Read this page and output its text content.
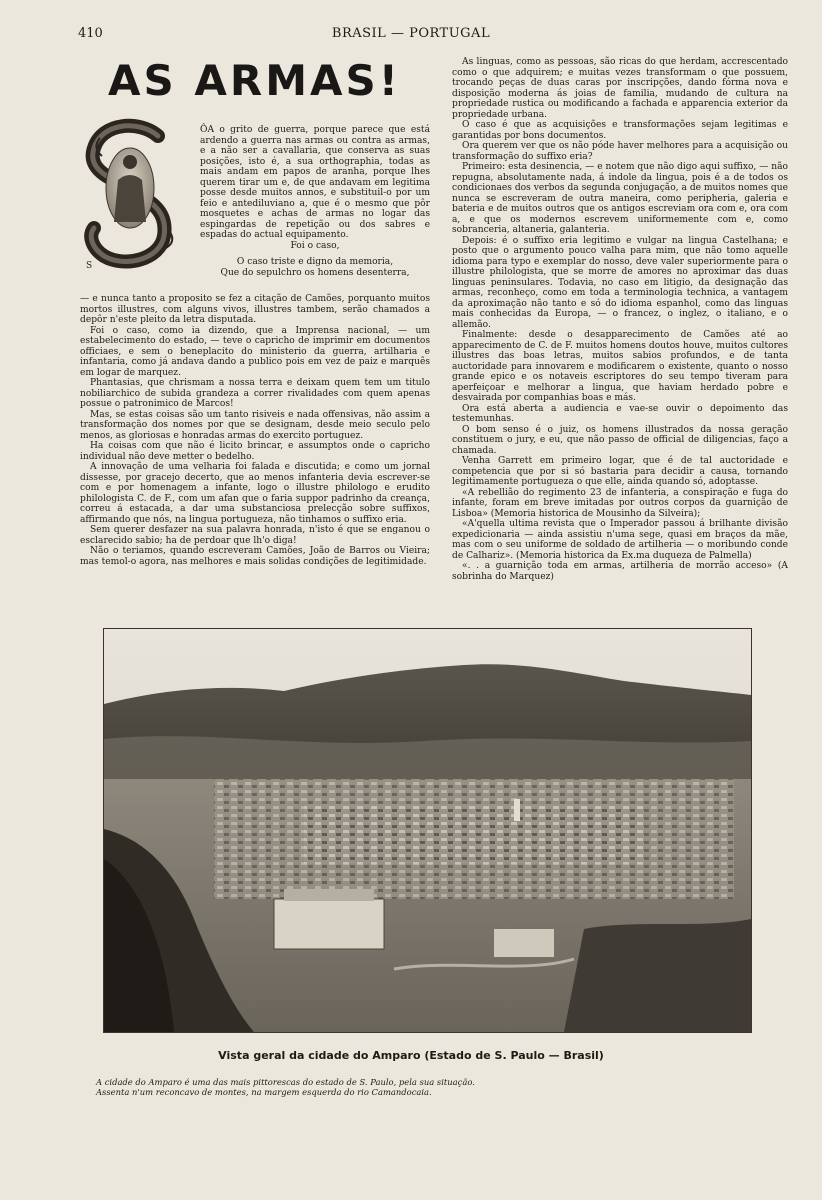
410	BRASIL — PORTUGAL
AS ARMAS!
S

ÔA o grito de guerra, porque parece que está ardendo a guerra nas armas ou contra as armas, e a não ser a cavallaria, que conserva as suas posições, isto é, a sua orthographia, todas as mais andam em papos de aranha, porque lhes querem tirar um e, de que andavam em legitima posse desde muitos annos, e substituil-o por um feio e antediluviano a, que é o mesmo que pôr mosquetes e achas de armas no logar das espingardas de repetição ou dos sabres e espadas do actual equipamento.

Foi o caso,

O caso triste e digno da memoria,

Que do sepulchro os homens desenterra,

— e nunca tanto a proposito se fez a citação de Camões, porquanto muitos mortos illustres, com alguns vivos, illustres tambem, serão chamados a depôr n'este pleito da letra disputada.

Foi o caso, como ia dizendo, que a Imprensa nacional, — um estabelecimento do estado, — teve o capricho de imprimir em documentos officiaes, e sem o beneplacito do ministerio da guerra, artilharia e infantaria, como já andava dando a publico pois em vez de paiz e marquês em logar de marquez.

Phantasias, que chrismam a nossa terra e deixam quem tem um titulo nobiliarchico de subida grandeza a correr rivalidades com quem apenas possue o patronimico de Marcos!

Mas, se estas coisas são um tanto risiveis e nada offensivas, não assim a transformação dos nomes por que se designam, desde meio seculo pelo menos, as gloriosas e honradas armas do exercito portuguez.

Ha coisas com que não é licito brincar, e assumptos onde o capricho individual não deve metter o bedelho.

A innovação de uma velharia foi falada e discutida; e como um jornal dissesse, por gracejo decerto, que ao menos infanteria devia escrever-se com e por homenagem a infante, logo o illustre philologo e erudito philologista C. de F., com um afan que o faria suppor padrinho da creança, correu á estacada, a dar uma substanciosa prelecção sobre suffixos, affirmando que nós, na lingua portugueza, não tinhamos o suffixo eria.

Sem querer desfazer na sua palavra honrada, n'isto é que se enganou o esclarecido sabio; ha de perdoar que lh'o diga!

Não o teriamos, quando escreveram Camões, João de Barros ou Vieira; mas temol-o agora, nas melhores e mais solidas condições de legitimidade.

As linguas, como as pessoas, são ricas do que herdam, accrescentado como o que adquirem; e muitas vezes transformam o que possuem, trocando peças de duas caras por inscripções, dando fórma nova e disposição moderna ás joias de familia, mudando de cultura na propriedade rustica ou modificando a fachada e apparencia exterior da propriedade urbana.

O caso é que as acquisições e transformações sejam legitimas e garantidas por bons documentos.

Ora querem ver que os não póde haver melhores para a acquisição ou transformação do suffixo eria?

Primeiro: esta desinencia, — e notem que não digo aqui suffixo, — não repugna, absolutamente nada, á indole da lingua, pois é a de todos os condicionaes dos verbos da segunda conjugação, a de muitos nomes que nunca se escreveram de outra maneira, como peripheria, galeria e bateria e de muitos outros que os antigos escreviam ora com e, ora com a, e que os modernos escrevem uniformemente com e, como sobranceria, altaneria, galanteria.

Depois: é o suffixo eria legitimo e vulgar na lingua Castelhana; e posto que o argumento pouco valha para mim, que não tomo aquelle idioma para typo e exemplar do nosso, deve valer superiormente para o illustre philologista, que se morre de amores no aproximar das duas linguas peninsulares. Todavia, no caso em litigio, da designação das armas, reconheço, como em toda a terminologia technica, a vantagem da aproximação não tanto e só do idioma espanhol, como das linguas mais conhecidas da Europa, — o francez, o inglez, o italiano, e o allemão.

Finalmente: desde o desapparecimento de Camões até ao apparecimento de C. de F. muitos homens doutos houve, muitos cultores illustres das boas letras, muitos sabios profundos, e de tanta auctoridade para innovarem e modificarem o existente, quanto o nosso grande epico e os notaveis escriptores do seu tempo tiveram para aperfeiçoar e melhorar a lingua, que haviam herdado pobre e desvairada por companhias boas e más.

Ora está aberta a audiencia e vae-se ouvir o depoimento das testemunhas.

O bom senso é o juiz, os homens illustrados da nossa geração constituem o jury, e eu, que não passo de official de diligencias, faço a chamada.

Venha Garrett em primeiro logar, que é de tal auctoridade e competencia que por si só bastaria para decidir a causa, tornando legitimamente portugueza o que elle, ainda quando só, adoptasse.

«A rebellião do regimento 23 de infanteria, a conspiração e fuga do infante, foram em breve imitadas por outros corpos da guarnição de Lisboa» (Memoria historica de Mousinho da Silveira);

«A'quella ultima revista que o Imperador passou á brilhante divisão expedicionaria — ainda assistiu n'uma sege, quasi em braços da mãe, mas com o seu uniforme de soldado de artilheria — o moribundo conde de Calhariz». (Memoria historica da Ex.ma duqueza de Palmella)

«. . a guarnição toda em armas, artilheria de morrão acceso» (A sobrinha do Marquez)

Vista geral da cidade do Amparo (Estado de S. Paulo — Brasil)

A cidade do Amparo é uma das mais pittorescas do estado de S. Paulo, pela sua situação.

Assenta n'um reconcavo de montes, na margem esquerda do rio Camandocaia.
